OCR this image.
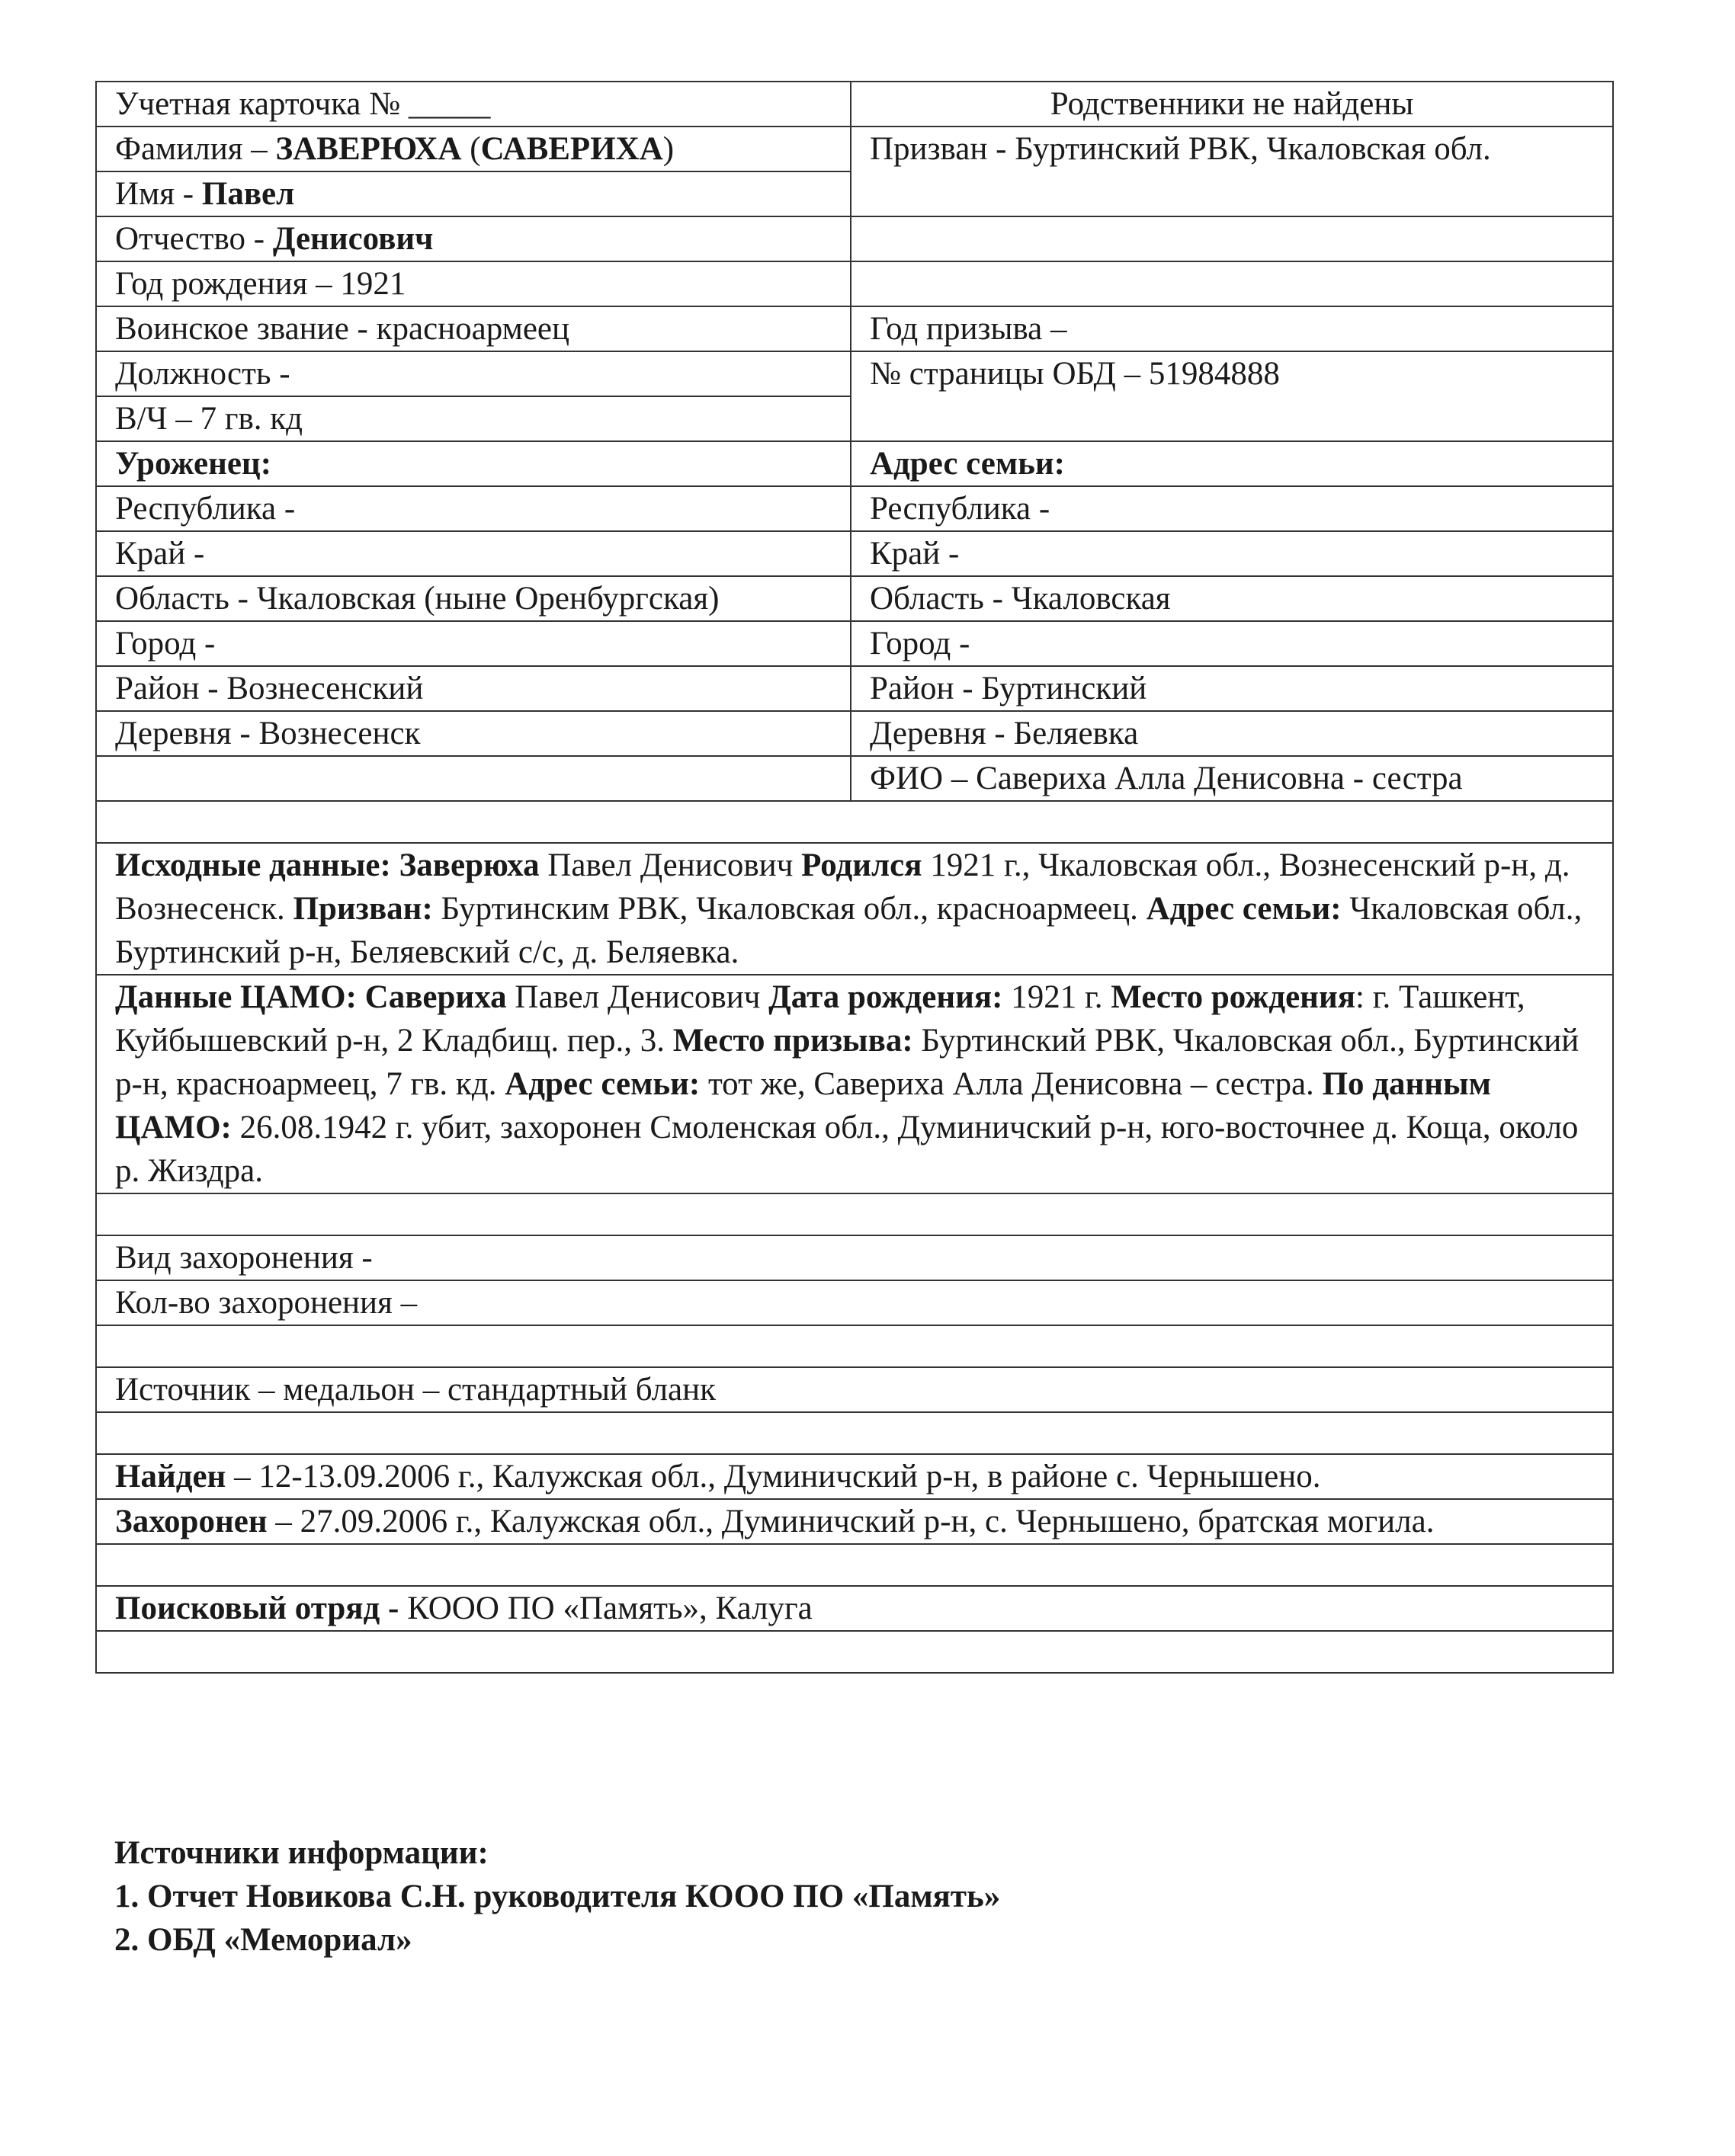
Учетная карточка № _____	Родственники не найдены
Фамилия – ЗАВЕРЮХА (САВЕРИХА)	Призван - Буртинский РВК, Чкаловская обл.
Имя - Павел	
Отчество - Денисович	
Год рождения – 1921	
Воинское звание - красноармеец	Год призыва –
Должность -	№ страницы ОБД – 51984888
В/Ч – 7 гв. кд	
Уроженец:	Адрес семьи:
Республика -	Республика -
Край -	Край -
Область - Чкаловская (ныне Оренбургская)	Область - Чкаловская
Город -	Город -
Район - Вознесенский	Район - Буртинский
Деревня - Вознесенск	Деревня - Беляевка
	ФИО – Савериха Алла Денисовна - сестра

Исходные данные: Заверюха Павел Денисович Родился 1921 г., Чкаловская обл., Вознесенский р-н, д. Вознесенск. Призван: Буртинским РВК, Чкаловская обл., красноармеец. Адрес семьи: Чкаловская обл., Буртинский р-н, Беляевский с/с, д. Беляевка.	
Данные ЦАМО: Савериха Павел Денисович Дата рождения: 1921 г. Место рождения: г. Ташкент, Куйбышевский р-н, 2 Кладбищ. пер., 3. Место призыва: Буртинский РВК, Чкаловская обл., Буртинский р-н, красноармеец, 7 гв. кд. Адрес семьи: тот же, Савериха Алла Денисовна – сестра. По данным ЦАМО: 26.08.1942 г. убит, захоронен Смоленская обл., Думиничский р-н, юго-восточнее д. Коща, около р. Жиздра.	

Вид захоронения -	
Кол-во захоронения –	

Источник – медальон – стандартный бланк	

Найден – 12-13.09.2006 г., Калужская обл., Думиничский р-н, в районе с. Чернышено.	
Захоронен – 27.09.2006 г., Калужская обл., Думиничский р-н, с. Чернышено, братская могила.	

Поисковый отряд - КООО ПО «Память», Калуга	

Источники информации:
1. Отчет Новикова С.Н. руководителя КООО ПО «Память»
2. ОБД «Мемориал»
